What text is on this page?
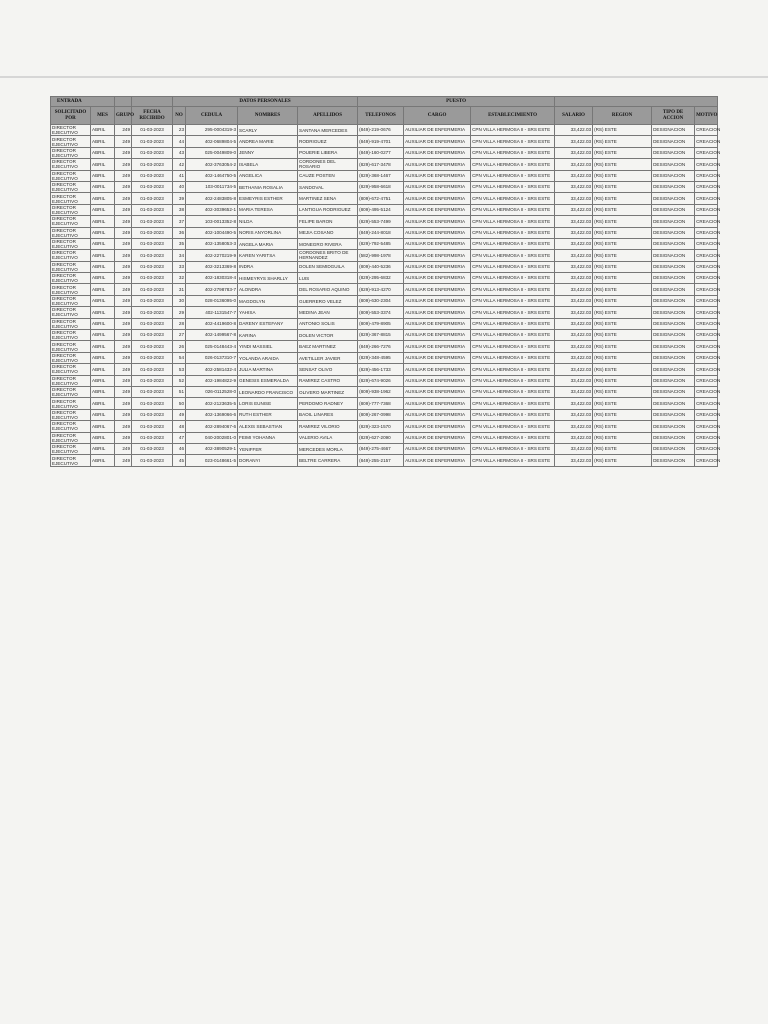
ENTRADA				DATOS PERSONALES				PUESTO						
SOLICITADO POR	MES	GRUPO	FECHA RECIBIDO	NO	CEDULA	NOMBRES	APELLIDOS	TELEFONOS	CARGO	ESTABLECIMIENTO	SALARIO	REGION	TIPO DE ACCION	MOTIVO
DIRECTOR EJECUTIVO	ABRIL	249	01-03-2023	23	295-0004319-3	SCARLY	SANTANA MERCEDES	(849)-219-0676	AUXILIAR DE ENFERMERIA	CPN VILLA HERMOSA II - SRS ESTE	33,422.03	(RS) ESTE	DESIGNACION	CREACION
DIRECTOR EJECUTIVO	ABRIL	249	01-03-2023	44	402-0689804-5	ANDREA MARIE	RODRIGUEZ	(849)-919-4701	AUXILIAR DE ENFERMERIA	CPN VILLA HERMOSA II - SRS ESTE	33,422.03	(RS) ESTE	DESIGNACION	CREACION
DIRECTOR EJECUTIVO	ABRIL	249	01-03-2023	43	025-0049809-0	JENNY	POUERIE LIBERA	(849)-160-0277	AUXILIAR DE ENFERMERIA	CPN VILLA HERMOSA II - SRS ESTE	33,422.03	(RS) ESTE	DESIGNACION	CREACION
DIRECTOR EJECUTIVO	ABRIL	249	01-03-2023	42	402-3763054-2	ISABELA	CORDONES DEL ROSARIO	(829)-617-3478	AUXILIAR DE ENFERMERIA	CPN VILLA HERMOSA II - SRS ESTE	33,422.03	(RS) ESTE	DESIGNACION	CREACION
DIRECTOR EJECUTIVO	ABRIL	249	01-03-2023	41	402-1464750-5	ANGELICA	CAUZE POSTEN	(829)-368-1467	AUXILIAR DE ENFERMERIA	CPN VILLA HERMOSA II - SRS ESTE	33,422.03	(RS) ESTE	DESIGNACION	CREACION
DIRECTOR EJECUTIVO	ABRIL	249	01-03-2023	40	103-0011734-5	BETHANIA ROSALIA	SANDOVAL	(829)-958-6618	AUXILIAR DE ENFERMERIA	CPN VILLA HERMOSA II - SRS ESTE	33,422.03	(RS) ESTE	DESIGNACION	CREACION
DIRECTOR EJECUTIVO	ABRIL	249	01-03-2023	39	402-2483805-8	ESMEYRIS ESTHER	MARTINEZ SENA	(809)-672-4751	AUXILIAR DE ENFERMERIA	CPN VILLA HERMOSA II - SRS ESTE	33,422.03	(RS) ESTE	DESIGNACION	CREACION
DIRECTOR EJECUTIVO	ABRIL	249	01-03-2023	38	402-3039652-1	MARIA TERESA	LANTIGUA RODRIGUEZ	(809)-495-5124	AUXILIAR DE ENFERMERIA	CPN VILLA HERMOSA II - SRS ESTE	33,422.03	(RS) ESTE	DESIGNACION	CREACION
DIRECTOR EJECUTIVO	ABRIL	249	01-03-2023	37	103-0013352-8	NILDA	FELIPE BARON	(829)-553-7499	AUXILIAR DE ENFERMERIA	CPN VILLA HERMOSA II - SRS ESTE	33,422.03	(RS) ESTE	DESIGNACION	CREACION
DIRECTOR EJECUTIVO	ABRIL	249	01-03-2023	36	402-1004490-5	NORIS ANYORLINA	MEJIA COSANO	(849)-244-8018	AUXILIAR DE ENFERMERIA	CPN VILLA HERMOSA II - SRS ESTE	33,422.03	(RS) ESTE	DESIGNACION	CREACION
DIRECTOR EJECUTIVO	ABRIL	249	01-03-2023	35	402-1358053-3	ANGELA MARIA	MONEGRO RIVERA	(829)-792-5485	AUXILIAR DE ENFERMERIA	CPN VILLA HERMOSA II - SRS ESTE	33,422.03	(RS) ESTE	DESIGNACION	CREACION
DIRECTOR EJECUTIVO	ABRIL	249	01-03-2023	34	402-2270219-9	KAREN YARITSA	CORDONES BRITO DE HERNANDEZ	(582)-998-1978	AUXILIAR DE ENFERMERIA	CPN VILLA HERMOSA II - SRS ESTE	33,422.03	(RS) ESTE	DESIGNACION	CREACION
DIRECTOR EJECUTIVO	ABRIL	249	01-03-2023	33	402-3213369-8	INDRA	DOLEN SEMIDGUILA	(809)-440-5236	AUXILIAR DE ENFERMERIA	CPN VILLA HERMOSA II - SRS ESTE	33,422.03	(RS) ESTE	DESIGNACION	CREACION
DIRECTOR EJECUTIVO	ABRIL	249	01-03-2023	32	402-1830318-4	HISMEYRYS SHARLLY	LUIS	(829)-295-6832	AUXILIAR DE ENFERMERIA	CPN VILLA HERMOSA II - SRS ESTE	33,422.03	(RS) ESTE	DESIGNACION	CREACION
DIRECTOR EJECUTIVO	ABRIL	249	01-03-2023	31	402-2798783-7	ALONDRA	DEL ROSARIO AQUINO	(829)-913-4270	AUXILIAR DE ENFERMERIA	CPN VILLA HERMOSA II - SRS ESTE	33,422.03	(RS) ESTE	DESIGNACION	CREACION
DIRECTOR EJECUTIVO	ABRIL	249	01-03-2023	30	028-0136095-0	MAGDOLYN	GUERRERO VELEZ	(809)-630-2304	AUXILIAR DE ENFERMERIA	CPN VILLA HERMOSA II - SRS ESTE	33,422.03	(RS) ESTE	DESIGNACION	CREACION
DIRECTOR EJECUTIVO	ABRIL	249	01-03-2023	29	402-1131547-7	YAHISA	MEDINA JEAN	(809)-553-3374	AUXILIAR DE ENFERMERIA	CPN VILLA HERMOSA II - SRS ESTE	33,422.03	(RS) ESTE	DESIGNACION	CREACION
DIRECTOR EJECUTIVO	ABRIL	249	01-03-2023	28	402-4419600-8	DARENY ESTEFANY	ANTONIO SOLIS	(809)-479-8905	AUXILIAR DE ENFERMERIA	CPN VILLA HERMOSA II - SRS ESTE	33,422.03	(RS) ESTE	DESIGNACION	CREACION
DIRECTOR EJECUTIVO	ABRIL	249	01-03-2023	27	402-1499567-8	KARINA	DOLEN VICTOR	(829)-367-8815	AUXILIAR DE ENFERMERIA	CPN VILLA HERMOSA II - SRS ESTE	33,422.03	(RS) ESTE	DESIGNACION	CREACION
DIRECTOR EJECUTIVO	ABRIL	249	01-03-2023	26	025-0148443-4	YINDI MASSIEL	BAEZ MARTINEZ	(849)-266-7276	AUXILIAR DE ENFERMERIA	CPN VILLA HERMOSA II - SRS ESTE	33,422.03	(RS) ESTE	DESIGNACION	CREACION
DIRECTOR EJECUTIVO	ABRIL	249	01-03-2023	54	026-0137310-7	YOLANDA ARAIDA	AVETILLER JAVIER	(829)-348-4595	AUXILIAR DE ENFERMERIA	CPN VILLA HERMOSA II - SRS ESTE	33,422.03	(RS) ESTE	DESIGNACION	CREACION
DIRECTOR EJECUTIVO	ABRIL	249	01-03-2023	53	402-2581432-4	JULIA MARTINA	SENSAT OLIVO	(829)-456-1733	AUXILIAR DE ENFERMERIA	CPN VILLA HERMOSA II - SRS ESTE	33,422.03	(RS) ESTE	DESIGNACION	CREACION
DIRECTOR EJECUTIVO	ABRIL	249	01-03-2023	52	402-1984822-9	GENESIS ESMERALDA	RAMIREZ CASTRO	(829)-674-9026	AUXILIAR DE ENFERMERIA	CPN VILLA HERMOSA II - SRS ESTE	33,422.03	(RS) ESTE	DESIGNACION	CREACION
DIRECTOR EJECUTIVO	ABRIL	249	01-03-2023	51	026-0112528-0	LEONARDO FRANCISCO	OLIVERO MARTINEZ	(809)-938-1962	AUXILIAR DE ENFERMERIA	CPN VILLA HERMOSA II - SRS ESTE	33,422.03	(RS) ESTE	DESIGNACION	CREACION
DIRECTOR EJECUTIVO	ABRIL	249	01-03-2023	50	402-2123635-5	LORIS EUNISE	PERDOMO RADNEY	(809)-777-7368	AUXILIAR DE ENFERMERIA	CPN VILLA HERMOSA II - SRS ESTE	33,422.03	(RS) ESTE	DESIGNACION	CREACION
DIRECTOR EJECUTIVO	ABRIL	249	01-03-2023	49	402-1369066-6	RUTH ESTHER	BAOIL LINARES	(809)-267-0998	AUXILIAR DE ENFERMERIA	CPN VILLA HERMOSA II - SRS ESTE	33,422.03	(RS) ESTE	DESIGNACION	CREACION
DIRECTOR EJECUTIVO	ABRIL	249	01-03-2023	48	402-2894067-6	ALEXIS SEBASTIAN	RAMIREZ VILORIO	(829)-323-1570	AUXILIAR DE ENFERMERIA	CPN VILLA HERMOSA II - SRS ESTE	33,422.03	(RS) ESTE	DESIGNACION	CREACION
DIRECTOR EJECUTIVO	ABRIL	249	01-03-2023	47	040-2002801-0	FEIMI YOHANNA	VALERIO AVILA	(829)-627-2090	AUXILIAR DE ENFERMERIA	CPN VILLA HERMOSA II - SRS ESTE	33,422.03	(RS) ESTE	DESIGNACION	CREACION
DIRECTOR EJECUTIVO	ABRIL	249	01-03-2023	46	402-3890529-1	YENIFFER	MERCEDES MORLA	(849)-275-4667	AUXILIAR DE ENFERMERIA	CPN VILLA HERMOSA II - SRS ESTE	33,422.03	(RS) ESTE	DESIGNACION	CREACION
DIRECTOR EJECUTIVO	ABRIL	249	01-03-2023	45	023-0148661-5	DORANYI	BELTRE CARRERA	(849)-255-2157	AUXILIAR DE ENFERMERIA	CPN VILLA HERMOSA II - SRS ESTE	33,422.03	(RS) ESTE	DESIGNACION	CREACION
